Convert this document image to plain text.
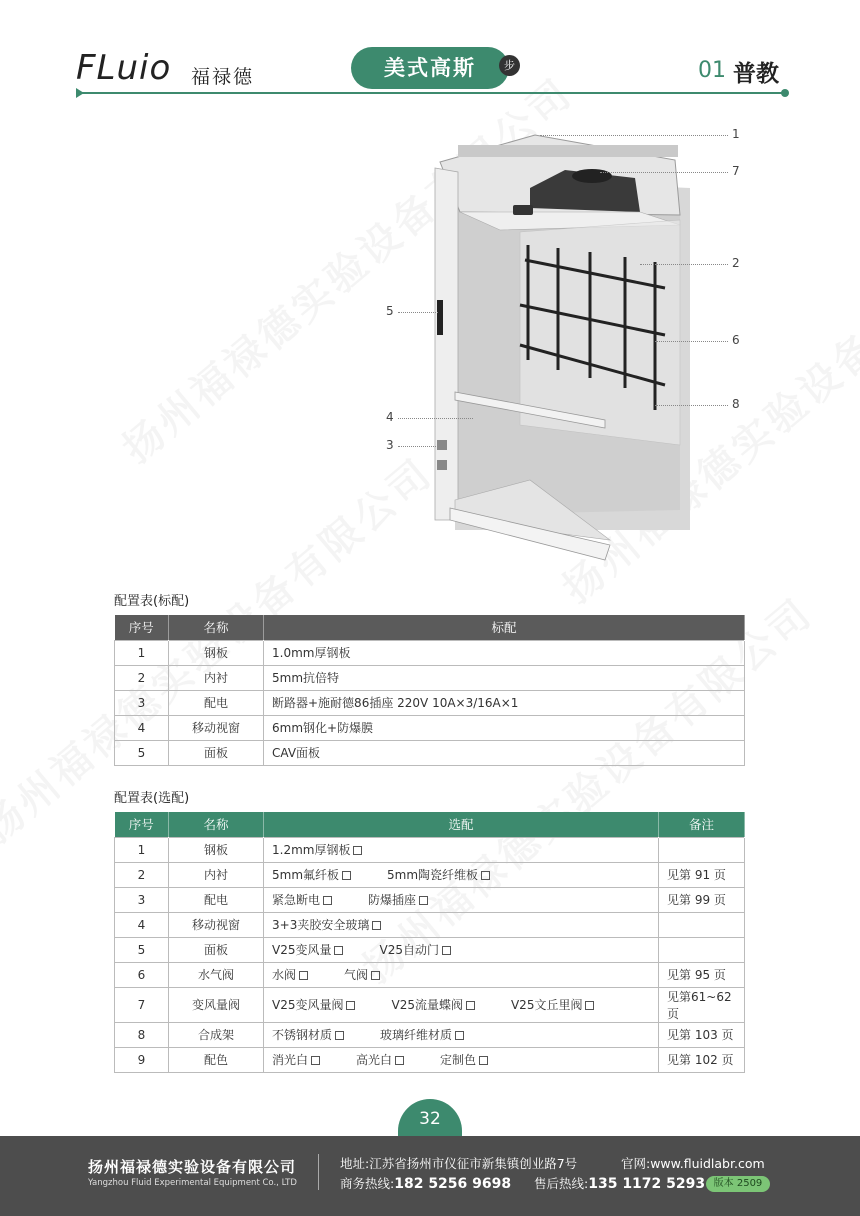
FLuio 福禄德	美式高斯	步	01 普教
1
7
2
5
6
8
4
3
配置表(标配)
序号	名称	标配
1	钢板	1.0mm厚钢板
2	内衬	5mm抗倍特
3	配电	断路器+施耐德86插座 220V 10A×3/16A×1
4	移动视窗	6mm钢化+防爆膜
5	面板	CAV面板
配置表(选配)
序号	名称	选配	备注
1	钢板	1.2mm厚钢板	
2	内衬	5mm氟纤板 5mm陶瓷纤维板	见第 91 页
3	配电	紧急断电 防爆插座	见第 99 页
4	移动视窗	3+3夹胶安全玻璃	
5	面板	V25变风量 V25自动门	
6	水气阀	水阀 气阀	见第 95 页
7	变风量阀	V25变风量阀 V25流量蝶阀 V25文丘里阀	见第61~62页
8	合成架	不锈钢材质 玻璃纤维材质	见第 103 页
9	配色	消光白 高光白 定制色	见第 102 页
32
扬州福禄德实验设备有限公司
Yangzhou Fluid Experimental Equipment Co., LTD
地址:江苏省扬州市仪征市新集镇创业路7号	官网:www.fluidlabr.com
商务热线:182 5256 9698 售后热线:135 1172 5293 版本 2509
